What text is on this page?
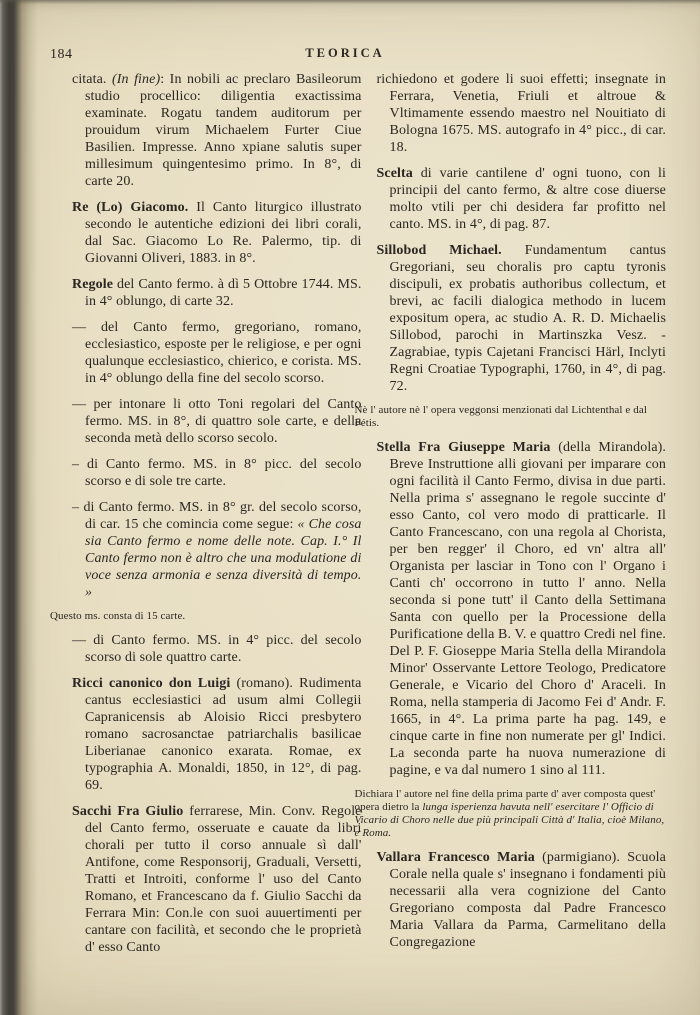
184	TEORICA

citata. (In fine): In nobili ac preclaro Basileorum studio procellico: diligentia exactissima examinate. Rogatu tandem auditorum per prouidum virum Michaelem Furter Ciue Basilien. Impresse. Anno xpiane salutis super millesimum quingentesimo primo. In 8°, di carte 20.

Re (Lo) Giacomo. Il Canto liturgico illustrato secondo le autentiche edizioni dei libri corali, dal Sac. Giacomo Lo Re. Palermo, tip. di Giovanni Oliveri, 1883. in 8°.

Regole del Canto fermo. à dì 5 Ottobre 1744. MS. in 4° oblungo, di carte 32.

— del Canto fermo, gregoriano, romano, ecclesiastico, esposte per le religiose, e per ogni qualunque ecclesiastico, chierico, e corista. MS. in 4° oblungo della fine del secolo scorso.

— per intonare li otto Toni regolari del Canto fermo. MS. in 8°, di quattro sole carte, e della seconda metà dello scorso secolo.

– di Canto fermo. MS. in 8° picc. del secolo scorso e di sole tre carte.

– di Canto fermo. MS. in 8° gr. del secolo scorso, di car. 15 che comincia come segue: « Che cosa sia Canto fermo e nome delle note. Cap. I.° Il Canto fermo non è altro che una modulatione di voce senza armonia e senza diversità di tempo. »

Questo ms. consta di 15 carte.

— di Canto fermo. MS. in 4° picc. del secolo scorso di sole quattro carte.

Ricci canonico don Luigi (romano). Rudimenta cantus ecclesiastici ad usum almi Collegii Capranicensis ab Aloisio Ricci presbytero romano sacrosanctae patriarchalis basilicae Liberianae canonico exarata. Romae, ex typographia A. Monaldi, 1850, in 12°, di pag. 69.

Sacchi Fra Giulio ferrarese, Min. Conv. Regole del Canto fermo, osseruate e cauate da libri chorali per tutto il corso annuale sì dall' Antifone, come Responsorij, Graduali, Versetti, Tratti et Introiti, conforme l' uso del Canto Romano, et Francescano da f. Giulio Sacchi da Ferrara Min: Con.le con suoi auuertimenti per cantare con facilità, et secondo che le proprietà d' esso Canto

richiedono et godere li suoi effetti; insegnate in Ferrara, Venetia, Friuli et altroue & Vltimamente essendo maestro nel Nouitiato di Bologna 1675. MS. autografo in 4° picc., di car. 18.

Scelta di varie cantilene d' ogni tuono, con li principii del canto fermo, & altre cose diuerse molto vtili per chi desidera far profitto nel canto. MS. in 4°, di pag. 87.

Sillobod Michael. Fundamentum cantus Gregoriani, seu choralis pro captu tyronis discipuli, ex probatis authoribus collectum, et brevi, ac facili dialogica methodo in lucem expositum opera, ac studio A. R. D. Michaelis Sillobod, parochi in Martinszka Vesz. - Zagrabiae, typis Cajetani Francisci Härl, Inclyti Regni Croatiae Typographi, 1760, in 4°, di pag. 72.

Nè l' autore nè l' opera veggonsi menzionati dal Lichtenthal e dal Fétis.

Stella Fra Giuseppe Maria (della Mirandola). Breve Instruttione alli giovani per imparare con ogni facilità il Canto Fermo, divisa in due parti. Nella prima s' assegnano le regole succinte d' esso Canto, col vero modo di pratticarle. Il Canto Francescano, con una regola al Chorista, per ben regger' il Choro, ed vn' altra all' Organista per lasciar in Tono con l' Organo i Canti ch' occorrono in tutto l' anno. Nella seconda si pone tutt' il Canto della Settimana Santa con quello per la Processione della Purificatione della B. V. e quattro Credi nel fine. Del P. F. Gioseppe Maria Stella della Mirandola Minor' Osservante Lettore Teologo, Predicatore Generale, e Vicario del Choro d' Araceli. In Roma, nella stamperia di Jacomo Fei d' Andr. F. 1665, in 4°. La prima parte ha pag. 149, e cinque carte in fine non numerate per gl' Indici. La seconda parte ha nuova numerazione di pagine, e va dal numero 1 sino al 111.

Dichiara l' autore nel fine della prima parte d' aver composta quest' opera dietro la lunga isperienza havuta nell' esercitare l' Officio di Vicario di Choro nelle due più principali Città d' Italia, cioè Milano, e Roma.

Vallara Francesco Maria (parmigiano). Scuola Corale nella quale s' insegnano i fondamenti più necessarii alla vera cognizione del Canto Gregoriano composta dal Padre Francesco Maria Vallara da Parma, Carmelitano della Congregazione
